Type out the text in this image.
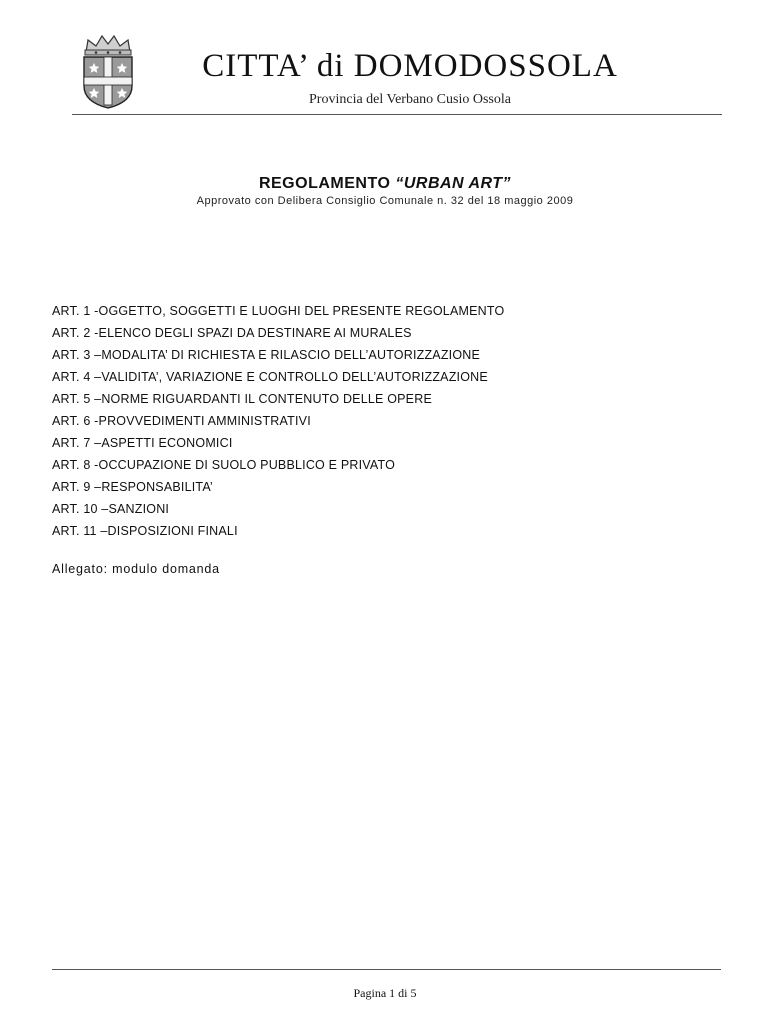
CITTA’ di DOMODOSSOLA
Provincia del Verbano Cusio Ossola
REGOLAMENTO “URBAN ART”
Approvato con Delibera Consiglio Comunale n. 32 del 18 maggio 2009
ART. 1 -OGGETTO, SOGGETTI E LUOGHI DEL PRESENTE REGOLAMENTO
ART. 2 -ELENCO DEGLI SPAZI DA DESTINARE AI MURALES
ART. 3 –MODALITA’ DI RICHIESTA E RILASCIO DELL’AUTORIZZAZIONE
ART. 4 –VALIDITA’, VARIAZIONE E CONTROLLO DELL’AUTORIZZAZIONE
ART. 5 –NORME RIGUARDANTI IL CONTENUTO DELLE OPERE
ART. 6 -PROVVEDIMENTI AMMINISTRATIVI
ART. 7 –ASPETTI ECONOMICI
ART. 8 -OCCUPAZIONE DI SUOLO PUBBLICO E PRIVATO
ART. 9 –RESPONSABILITA’
ART. 10 –SANZIONI
ART. 11 –DISPOSIZIONI FINALI
Allegato: modulo domanda
Pagina 1 di 5
